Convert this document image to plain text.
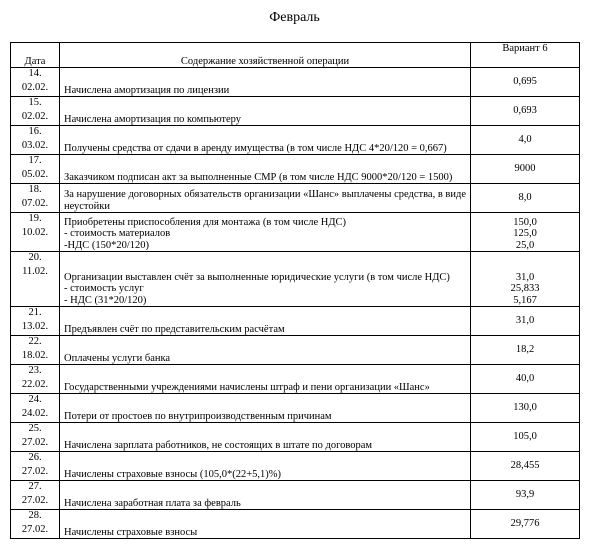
Февраль
Дата	Содержание хозяйственной операции	Вариант 6

14.
02.02.	Начислена амортизация по лицензии	0,695

15.
02.02.	Начислена амортизация по компьютеру	0,693

16.
03.02.	Получены средства от сдачи в аренду имущества (в том числе НДС 4*20/120 = 0,667)	4,0

17.
05.02.	Заказчиком подписан акт за выполненные СМР (в том числе НДС 9000*20/120 = 1500)	9000

18.
07.02.	За нарушение договорных обязательств организации «Шанс» выплачены средства, в виде неустойки	8,0

19.
10.02.	Приобретены приспособления для монтажа (в том числе НДС)
- стоимость материалов
-НДС (150*20/120)	150,0
125,0
25,0

20.
11.02.	Организации выставлен счёт за выполненные юридические услуги (в том числе НДС)
- стоимость услуг
- НДС (31*20/120)	31,0
25,833
5,167

21.
13.02.	Предъявлен счёт по представительским расчётам	31,0

22.
18.02.	Оплачены услуги банка	18,2

23.
22.02.	Государственными учреждениями начислены штраф и пени организации «Шанс»	40,0

24.
24.02.	Потери от простоев по внутрипроизводственным причинам	130,0

25.
27.02.	Начислена зарплата работников, не состоящих в штате по договорам	105,0

26.
27.02.	Начислены страховые взносы (105,0*(22+5,1)%)	28,455

27.
27.02.	Начислена заработная плата за февраль	93,9

28.
27.02.	Начислены страховые взносы	29,776
